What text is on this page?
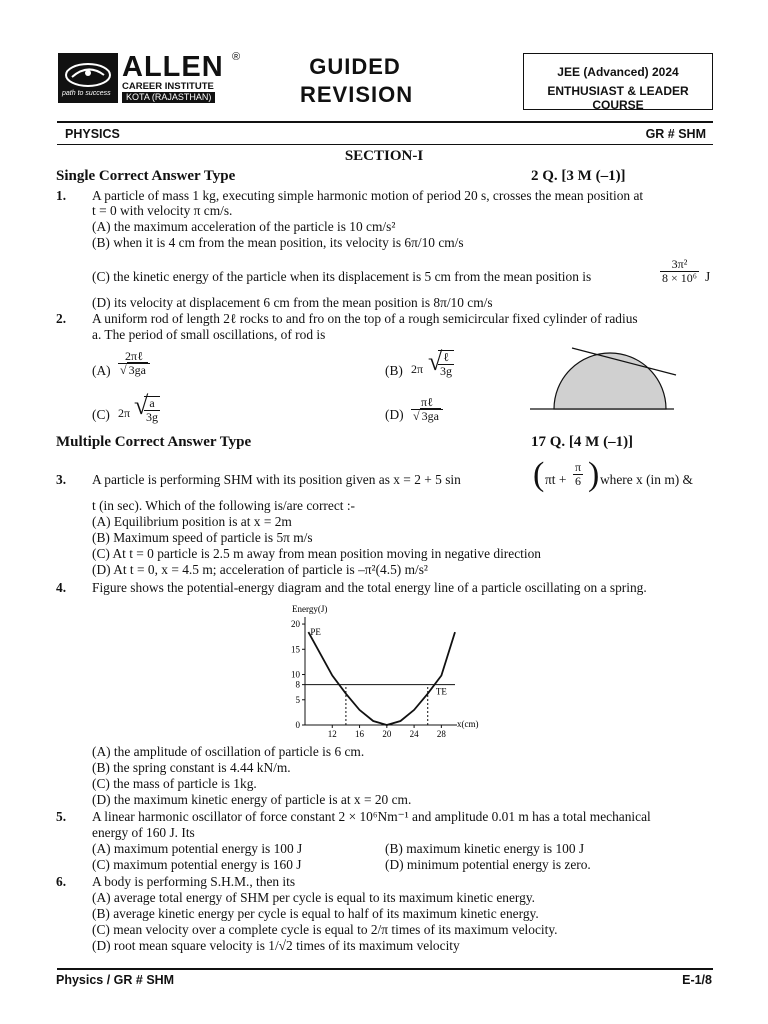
path to success
ALLEN
CAREER INSTITUTE
KOTA (RAJASTHAN)
®	GUIDED
REVISION
JEE (Advanced) 2024
ENTHUSIAST & LEADER COURSE
PHYSICS	GR # SHM
SECTION-I
Single Correct Answer Type	2 Q. [3 M (–1)]
1. A particle of mass 1 kg, executing simple harmonic motion of period 20 s, crosses the mean position at
t = 0 with velocity π cm/s.
(A) the maximum acceleration of the particle is 10 cm/s²
(B) when it is 4 cm from the mean position, its velocity is 6π/10 cm/s
(C) the kinetic energy of the particle when its displacement is 5 cm from the mean position is	$\frac{\text{3π²}}{\text{8 × 10⁶}}$ J
(D) its velocity at displacement 6 cm from the mean position is 8π/10 cm/s
2. A uniform rod of length 2ℓ rocks to and fro on the top of a rough semicircular fixed cylinder of radius
a. The period of small oscillations, of rod is
(A)
2πℓ
√ 3ga	(B) 2π √ ℓ
3g
(C) 2π √
$\frac{a}{3g}$	(D)
πℓ
√ 3ga
Multiple Correct Answer Type	17 Q. [4 M (–1)]
3. A particle is performing SHM with its position given as x = 2 + 5 sin ( $\pi t + \frac{\pi}{6}$ ) where x (in m) &
t (in sec). Which of the following is/are correct :-
(A) Equilibrium position is at x = 2m
(B) Maximum speed of particle is 5π m/s
(C) At t = 0 particle is 2.5 m away from mean position moving in negative direction
(D) At t = 0, x = 4.5 m; acceleration of particle is –π²(4.5) m/s²
4. Figure shows the potential-energy diagram and the total energy line of a particle oscillating on a spring.
x(cm)
Energy(J)
12 16 20 24 28
0
5
8
10
15
20
PE
TE
(A) the amplitude of oscillation of particle is 6 cm.
(B) the spring constant is 4.44 kN/m.
(C) the mass of particle is 1kg.
(D) the maximum kinetic energy of particle is at x = 20 cm.
5. A linear harmonic oscillator of force constant 2 × 10⁶Nm⁻¹ and amplitude 0.01 m has a total mechanical
energy of 160 J. Its
(A) maximum potential energy is 100 J	(B) maximum kinetic energy is 100 J
(C) maximum potential energy is 160 J	(D) minimum potential energy is zero.
6. A body is performing S.H.M., then its
(A) average total energy of SHM per cycle is equal to its maximum kinetic energy.
(B) average kinetic energy per cycle is equal to half of its maximum kinetic energy.
(C) mean velocity over a complete cycle is equal to 2/π times of its maximum velocity.
(D) root mean square velocity is 1/√2 times of its maximum velocity
Physics / GR # SHM	E-1/8
